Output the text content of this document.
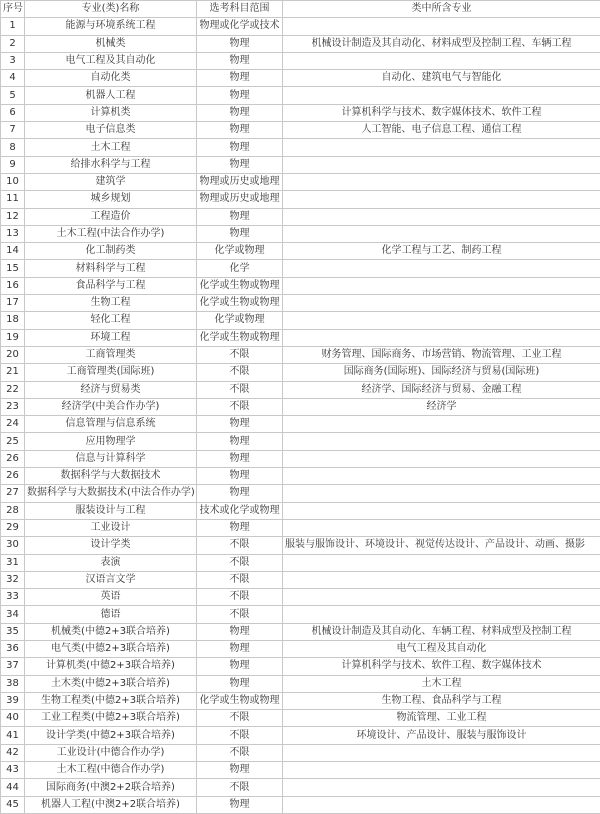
序号	专业(类)名称	选考科目范围	类中所含专业
1	能源与环境系统工程	物理或化学或技术	
2	机械类	物理	机械设计制造及其自动化、材料成型及控制工程、车辆工程
3	电气工程及其自动化	物理	
4	自动化类	物理	自动化、建筑电气与智能化
5	机器人工程	物理	
6	计算机类	物理	计算机科学与技术、数字媒体技术、软件工程
7	电子信息类	物理	人工智能、电子信息工程、通信工程
8	土木工程	物理	
9	给排水科学与工程	物理	
10	建筑学	物理或历史或地理	
11	城乡规划	物理或历史或地理	
12	工程造价	物理	
13	土木工程(中法合作办学)	物理	
14	化工制药类	化学或物理	化学工程与工艺、制药工程
15	材料科学与工程	化学	
16	食品科学与工程	化学或生物或物理	
17	生物工程	化学或生物或物理	
18	轻化工程	化学或物理	
19	环境工程	化学或生物或物理	
20	工商管理类	不限	财务管理、国际商务、市场营销、物流管理、工业工程
21	工商管理类(国际班)	不限	国际商务(国际班)、国际经济与贸易(国际班)
22	经济与贸易类	不限	经济学、国际经济与贸易、金融工程
23	经济学(中美合作办学)	不限	经济学
24	信息管理与信息系统	物理	
25	应用物理学	物理	
26	信息与计算科学	物理	
26	数据科学与大数据技术	物理	
27	数据科学与大数据技术(中法合作办学)	物理	
28	服装设计与工程	技术或化学或物理	
29	工业设计	物理	
30	设计学类	不限	服装与服饰设计、环境设计、视觉传达设计、产品设计、动画、摄影
31	表演	不限	
32	汉语言文学	不限	
33	英语	不限	
34	德语	不限	
35	机械类(中德2+3联合培养)	物理	机械设计制造及其自动化、车辆工程、材料成型及控制工程
36	电气类(中德2+3联合培养)	物理	电气工程及其自动化
37	计算机类(中德2+3联合培养)	物理	计算机科学与技术、软件工程、数字媒体技术
38	土木类(中德2+3联合培养)	物理	土木工程
39	生物工程类(中德2+3联合培养)	化学或生物或物理	生物工程、食品科学与工程
40	工业工程类(中德2+3联合培养)	不限	物流管理、工业工程
41	设计学类(中德2+3联合培养)	不限	环境设计、产品设计、服装与服饰设计
42	工业设计(中德合作办学)	不限	
43	土木工程(中德合作办学)	物理	
44	国际商务(中澳2+2联合培养)	不限	
45	机器人工程(中澳2+2联合培养)	物理	
